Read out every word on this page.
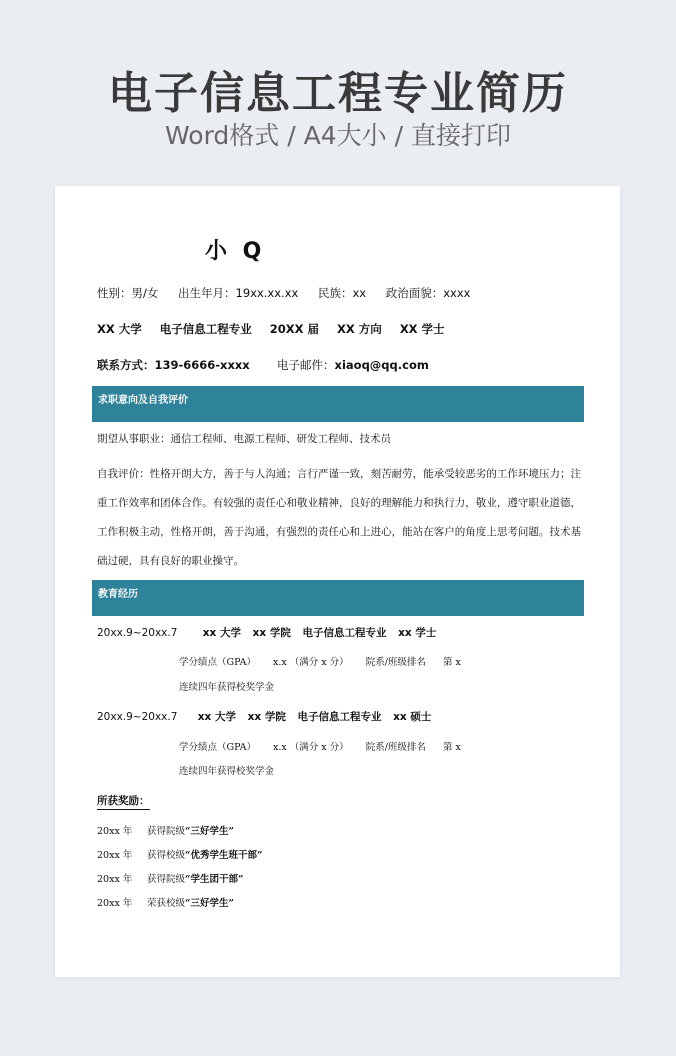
电子信息工程专业简历
Word格式 / A4大小 / 直接打印
小 Q
性别：男/女 出生年月：19xx.xx.xx 民族：xx 政治面貌：xxxx
XX 大学 电子信息工程专业 20XX 届 XX 方向 XX 学士
联系方式：139-6666-xxxx 电子邮件：xiaoq@qq.com
求职意向及自我评价
期望从事职业：通信工程师、电源工程师、研发工程师、技术员
自我评价：性格开朗大方，善于与人沟通；言行严谨一致，刻苦耐劳，能承受较恶劣的工作环境压力；注重工作效率和团体合作。有较强的责任心和敬业精神，良好的理解能力和执行力，敬业，遵守职业道德，工作积极主动，性格开朗，善于沟通，有强烈的责任心和上进心，能站在客户的角度上思考问题。技术基础过硬，具有良好的职业操守。
教育经历
20xx.9~20xx.7 xx 大学 xx 学院 电子信息工程专业 xx 学士
学分绩点（GPA） x.x （满分 x 分） 院系/班级排名 第 x
连续四年获得校奖学金
20xx.9~20xx.7 xx 大学 xx 学院 电子信息工程专业 xx 硕士
学分绩点（GPA） x.x （满分 x 分） 院系/班级排名 第 x
连续四年获得校奖学金
所获奖励：
20xx 年 获得院级“三好学生”
20xx 年 获得校级“优秀学生班干部”
20xx 年 获得院级“学生团干部”
20xx 年 荣获校级“三好学生”
